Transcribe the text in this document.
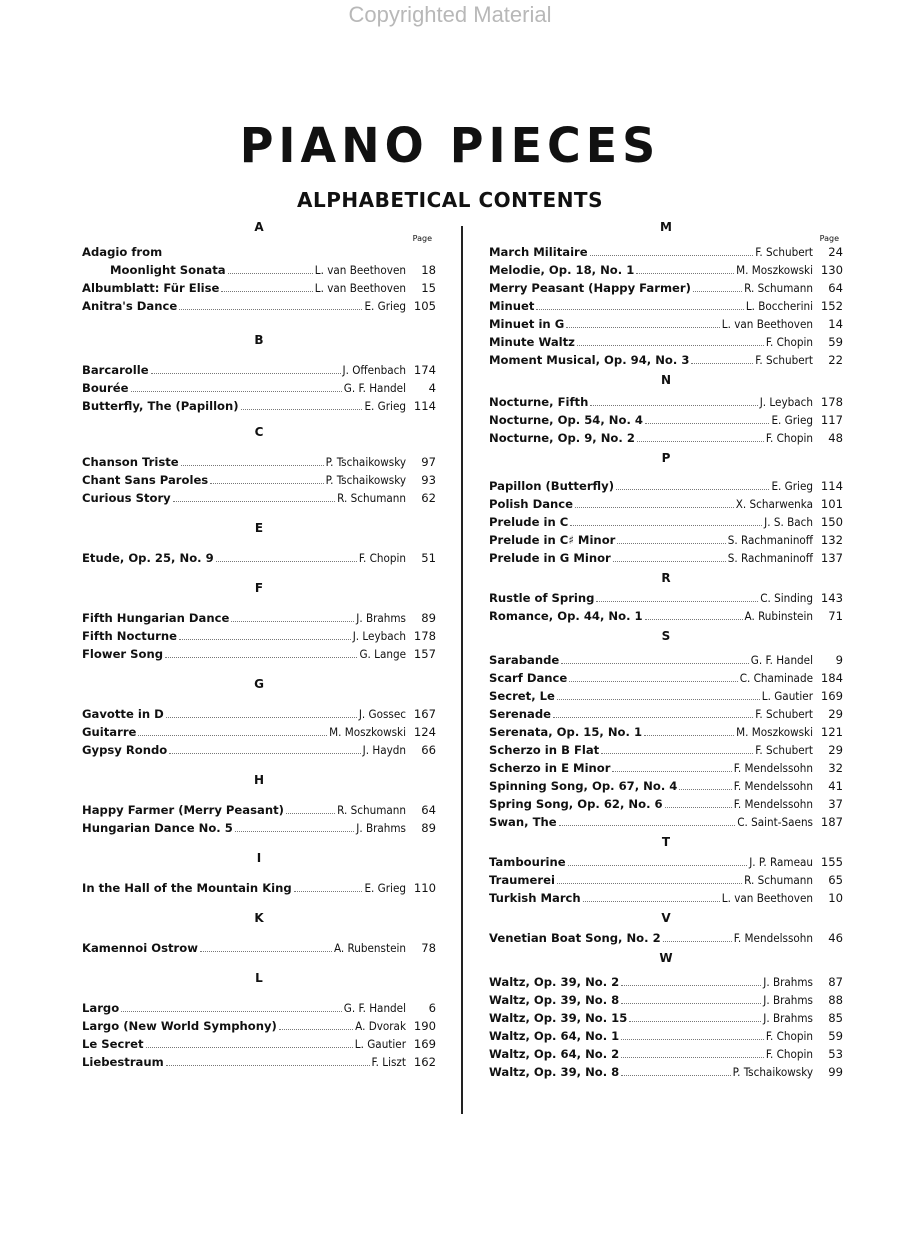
Copyrighted Material
PIANO PIECES
ALPHABETICAL CONTENTS
A
Page
Adagio from
Moonlight Sonata	L. van Beethoven	18
Albumblatt: Für Elise	L. van Beethoven	15
Anitra's Dance	E. Grieg 105
B
Barcarolle	J. Offenbach 174
Bourée	G. F. Handel	4
Butterfly, The (Papillon)	E. Grieg 114
C
Chanson Triste	P. Tschaikowsky	97
Chant Sans Paroles	P. Tschaikowsky	93
Curious Story	R. Schumann	62
E
Etude, Op. 25, No. 9	F. Chopin	51
F
Fifth Hungarian Dance	J. Brahms	89
Fifth Nocturne	J. Leybach 178
Flower Song	G. Lange 157
G
Gavotte in D	J. Gossec 167
Guitarre	M. Moszkowski 124
Gypsy Rondo	J. Haydn	66
H
Happy Farmer (Merry Peasant)	R. Schumann	64
Hungarian Dance No. 5	J. Brahms	89
I
In the Hall of the Mountain King	E. Grieg 110
K
Kamennoi Ostrow	A. Rubenstein	78
L
Largo	G. F. Handel	6
Largo (New World Symphony)	A. Dvorak 190
Le Secret	L. Gautier 169
Liebestraum	F. Liszt 162
M
Page
March Militaire	F. Schubert	24
Melodie, Op. 18, No. 1	M. Moszkowski 130
Merry Peasant (Happy Farmer)	R. Schumann	64
Minuet	L. Boccherini 152
Minuet in G	L. van Beethoven	14
Minute Waltz	F. Chopin	59
Moment Musical, Op. 94, No. 3	F. Schubert	22
N
Nocturne, Fifth	J. Leybach 178
Nocturne, Op. 54, No. 4	E. Grieg 117
Nocturne, Op. 9, No. 2	F. Chopin	48
P
Papillon (Butterfly)	E. Grieg 114
Polish Dance	X. Scharwenka 101
Prelude in C	J. S. Bach 150
Prelude in C♯ Minor	S. Rachmaninoff 132
Prelude in G Minor	S. Rachmaninoff 137
R
Rustle of Spring	C. Sinding 143
Romance, Op. 44, No. 1	A. Rubinstein	71
S
Sarabande	G. F. Handel	9
Scarf Dance	C. Chaminade 184
Secret, Le	L. Gautier 169
Serenade	F. Schubert	29
Serenata, Op. 15, No. 1	M. Moszkowski 121
Scherzo in B Flat	F. Schubert	29
Scherzo in E Minor	F. Mendelssohn	32
Spinning Song, Op. 67, No. 4	F. Mendelssohn	41
Spring Song, Op. 62, No. 6	F. Mendelssohn	37
Swan, The	C. Saint-Saens 187
T
Tambourine	J. P. Rameau 155
Traumerei	R. Schumann	65
Turkish March	L. van Beethoven	10
V
Venetian Boat Song, No. 2	F. Mendelssohn	46
W
Waltz, Op. 39, No. 2	J. Brahms	87
Waltz, Op. 39, No. 8	J. Brahms	88
Waltz, Op. 39, No. 15	J. Brahms	85
Waltz, Op. 64, No. 1	F. Chopin	59
Waltz, Op. 64, No. 2	F. Chopin	53
Waltz, Op. 39, No. 8	P. Tschaikowsky	99
